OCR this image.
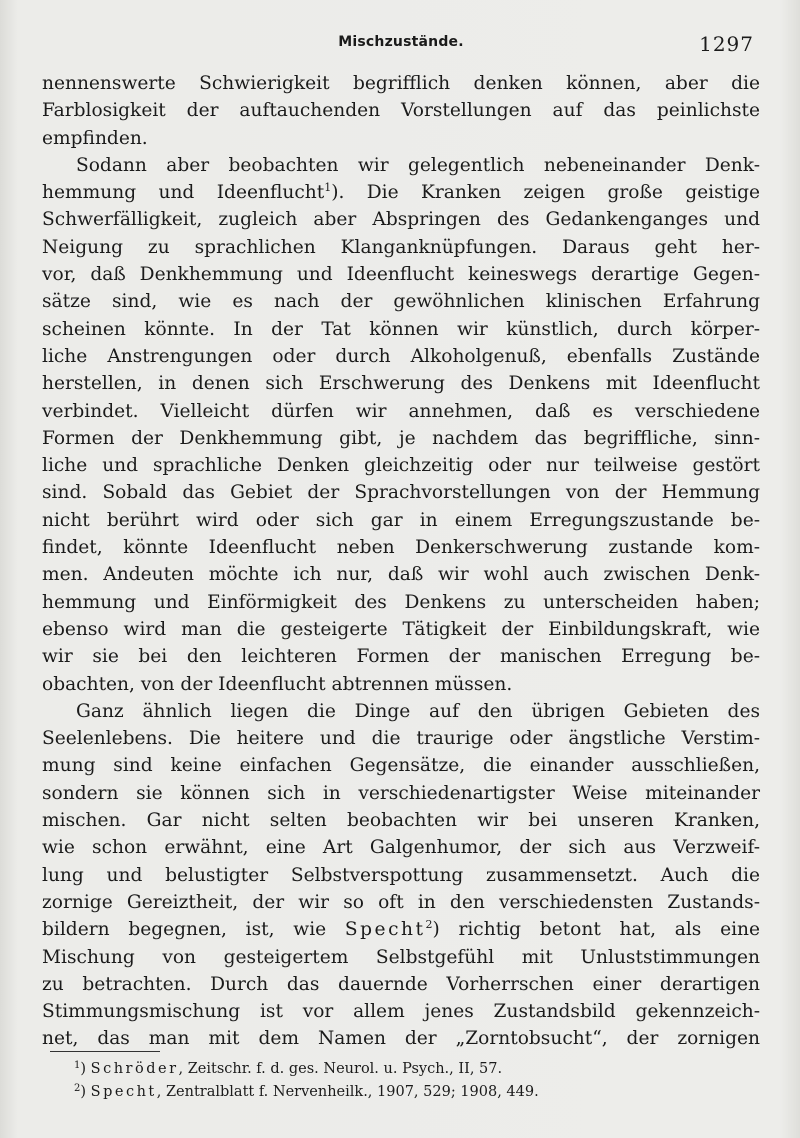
Mischzustände.	1297

nennenswerte Schwierigkeit begrifflich denken können, aber die
Farblosigkeit der auftauchenden Vorstellungen auf das peinlichste
empfinden.

Sodann aber beobachten wir gelegentlich nebeneinander Denk-
hemmung und Ideenflucht$^1$). Die Kranken zeigen große geistige
Schwerfälligkeit, zugleich aber Abspringen des Gedankenganges und
Neigung zu sprachlichen Klanganknüpfungen. Daraus geht her-
vor, daß Denkhemmung und Ideenflucht keineswegs derartige Gegen-
sätze sind, wie es nach der gewöhnlichen klinischen Erfahrung
scheinen könnte. In der Tat können wir künstlich, durch körper-
liche Anstrengungen oder durch Alkoholgenuß, ebenfalls Zustände
herstellen, in denen sich Erschwerung des Denkens mit Ideenflucht
verbindet. Vielleicht dürfen wir annehmen, daß es verschiedene
Formen der Denkhemmung gibt, je nachdem das begriffliche, sinn-
liche und sprachliche Denken gleichzeitig oder nur teilweise gestört
sind. Sobald das Gebiet der Sprachvorstellungen von der Hemmung
nicht berührt wird oder sich gar in einem Erregungszustande be-
findet, könnte Ideenflucht neben Denkerschwerung zustande kom-
men. Andeuten möchte ich nur, daß wir wohl auch zwischen Denk-
hemmung und Einförmigkeit des Denkens zu unterscheiden haben;
ebenso wird man die gesteigerte Tätigkeit der Einbildungskraft, wie
wir sie bei den leichteren Formen der manischen Erregung be-
obachten, von der Ideenflucht abtrennen müssen.

Ganz ähnlich liegen die Dinge auf den übrigen Gebieten des
Seelenlebens. Die heitere und die traurige oder ängstliche Verstim-
mung sind keine einfachen Gegensätze, die einander ausschließen,
sondern sie können sich in verschiedenartigster Weise miteinander
mischen. Gar nicht selten beobachten wir bei unseren Kranken,
wie schon erwähnt, eine Art Galgenhumor, der sich aus Verzweif-
lung und belustigter Selbstverspottung zusammensetzt. Auch die
zornige Gereiztheit, der wir so oft in den verschiedensten Zustands-
bildern begegnen, ist, wie Specht$^2$) richtig betont hat, als eine
Mischung von gesteigertem Selbstgefühl mit Unluststimmungen
zu betrachten. Durch das dauernde Vorherrschen einer derartigen
Stimmungsmischung ist vor allem jenes Zustandsbild gekennzeich-
net, das man mit dem Namen der „Zorntobsucht“, der zornigen

$^1$) Schröder, Zeitschr. f. d. ges. Neurol. u. Psych., II, 57.
$^2$) Specht, Zentralblatt f. Nervenheilk., 1907, 529; 1908, 449.
